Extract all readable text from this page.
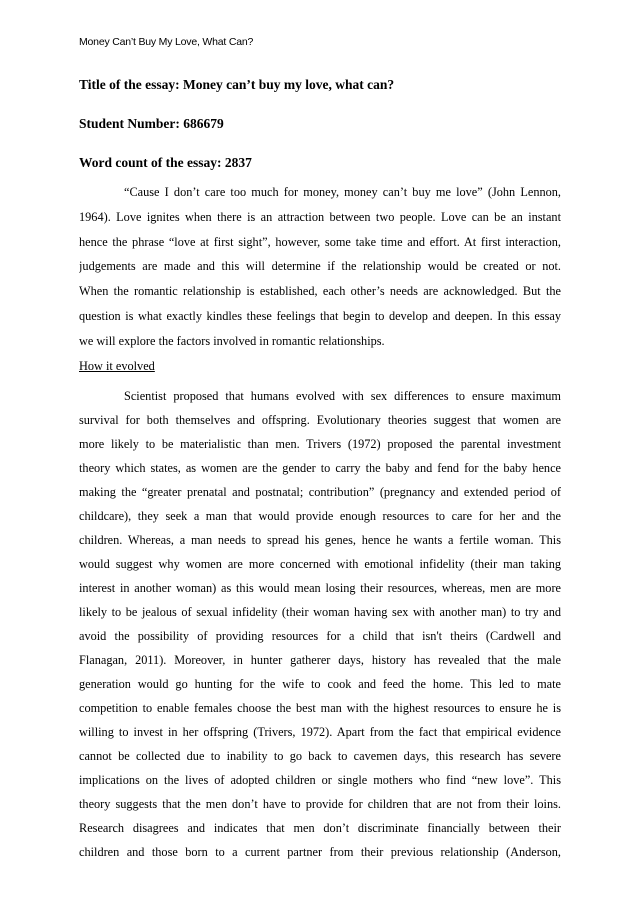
Money Can’t Buy My Love, What Can?
Title of the essay: Money can’t buy my love, what can?
Student Number: 686679
Word count of the essay: 2837
“Cause I don’t care too much for money, money can’t buy me love” (John Lennon,
1964). Love ignites when there is an attraction between two people. Love can be an instant
hence the phrase “love at first sight”, however, some take time and effort. At first interaction,
judgements are made and this will determine if the relationship would be created or not.
When the romantic relationship is established, each other’s needs are acknowledged. But the
question is what exactly kindles these feelings that begin to develop and deepen. In this essay
we will explore the factors involved in romantic relationships.
How it evolved
Scientist proposed that humans evolved with sex differences to ensure maximum
survival for both themselves and offspring. Evolutionary theories suggest that women are
more likely to be materialistic than men. Trivers (1972) proposed the parental investment
theory which states, as women are the gender to carry the baby and fend for the baby hence
making the “greater prenatal and postnatal; contribution” (pregnancy and extended period of
childcare), they seek a man that would provide enough resources to care for her and the
children. Whereas, a man needs to spread his genes, hence he wants a fertile woman. This
would suggest why women are more concerned with emotional infidelity (their man taking
interest in another woman) as this would mean losing their resources, whereas, men are more
likely to be jealous of sexual infidelity (their woman having sex with another man) to try and
avoid the possibility of providing resources for a child that isn't theirs (Cardwell and
Flanagan, 2011). Moreover, in hunter gatherer days, history has revealed that the male
generation would go hunting for the wife to cook and feed the home. This led to mate
competition to enable females choose the best man with the highest resources to ensure he is
willing to invest in her offspring (Trivers, 1972). Apart from the fact that empirical evidence
cannot be collected due to inability to go back to cavemen days, this research has severe
implications on the lives of adopted children or single mothers who find “new love”. This
theory suggests that the men don’t have to provide for children that are not from their loins.
Research disagrees and indicates that men don’t discriminate financially between their
children and those born to a current partner from their previous relationship (Anderson,
